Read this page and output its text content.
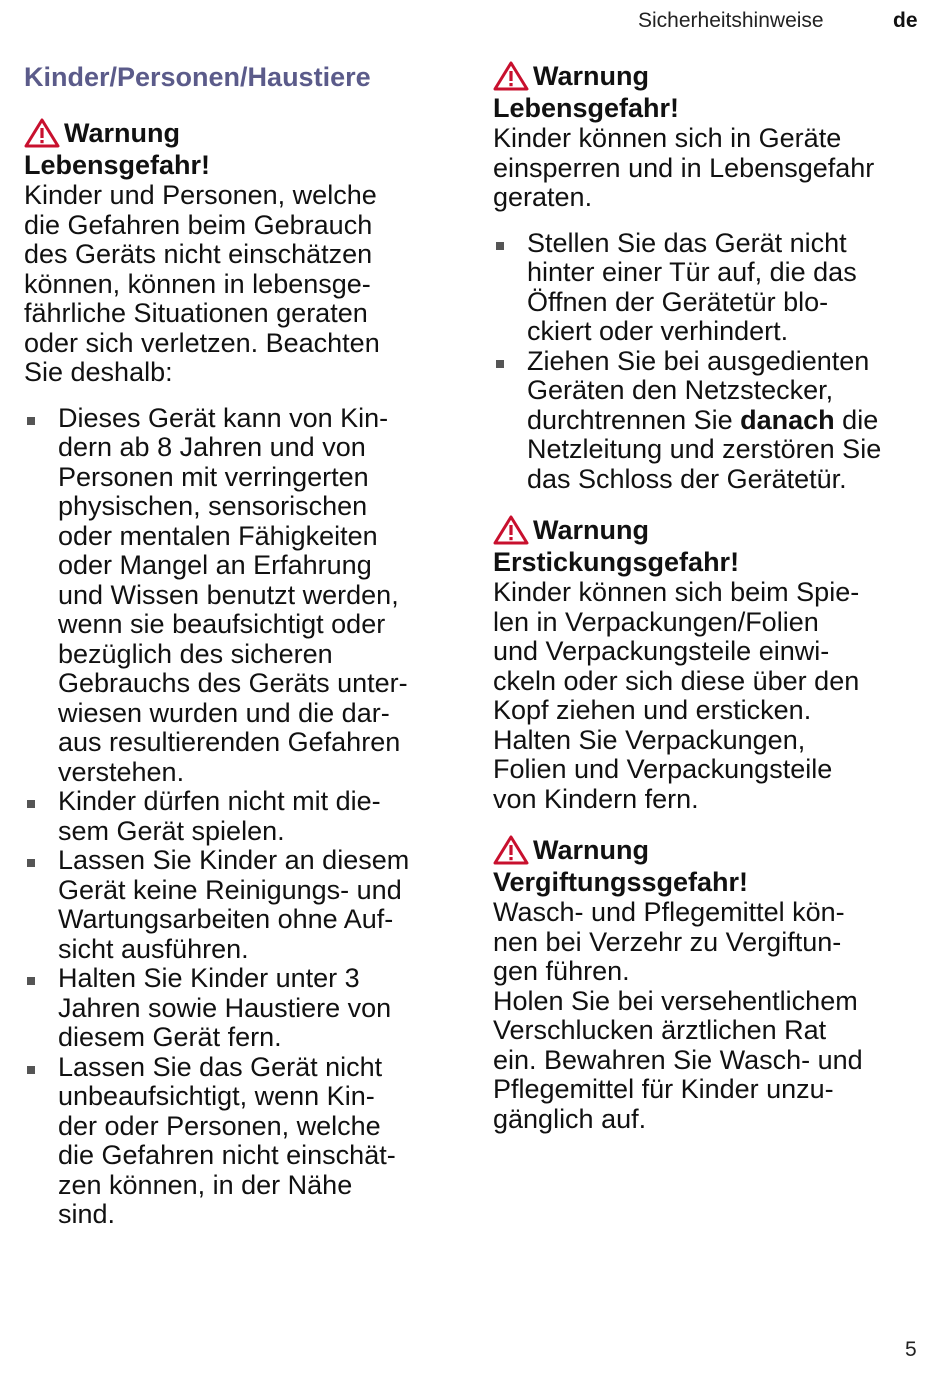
Sicherheitshinweise	de
Kinder/Personen/Haustiere
Warnung
Lebensgefahr!
Kinder und Personen, welche
die Gefahren beim Gebrauch
des Geräts nicht einschätzen
können, können in lebensge-
fährliche Situationen geraten
oder sich verletzen. Beachten
Sie deshalb:
Dieses Gerät kann von Kin-
dern ab 8 Jahren und von
Personen mit verringerten
physischen, sensorischen
oder mentalen Fähigkeiten
oder Mangel an Erfahrung
und Wissen benutzt werden,
wenn sie beaufsichtigt oder
bezüglich des sicheren
Gebrauchs des Geräts unter-
wiesen wurden und die dar-
aus resultierenden Gefahren
verstehen.
Kinder dürfen nicht mit die-
sem Gerät spielen.
Lassen Sie Kinder an diesem
Gerät keine Reinigungs- und
Wartungsarbeiten ohne Auf-
sicht ausführen.
Halten Sie Kinder unter 3
Jahren sowie Haustiere von
diesem Gerät fern.
Lassen Sie das Gerät nicht
unbeaufsichtigt, wenn Kin-
der oder Personen, welche
die Gefahren nicht einschät-
zen können, in der Nähe
sind.
Warnung
Lebensgefahr!
Kinder können sich in Geräte
einsperren und in Lebensgefahr
geraten.
Stellen Sie das Gerät nicht
hinter einer Tür auf, die das
Öffnen der Gerätetür blo-
ckiert oder verhindert.
Ziehen Sie bei ausgedienten
Geräten den Netzstecker,
durchtrennen Sie danach die
Netzleitung und zerstören Sie
das Schloss der Gerätetür.
Warnung
Erstickungsgefahr!
Kinder können sich beim Spie-
len in Verpackungen/Folien
und Verpackungsteile einwi-
ckeln oder sich diese über den
Kopf ziehen und ersticken.
Halten Sie Verpackungen,
Folien und Verpackungsteile
von Kindern fern.
Warnung
Vergiftungssgefahr!
Wasch- und Pflegemittel kön-
nen bei Verzehr zu Vergiftun-
gen führen.
Holen Sie bei versehentlichem
Verschlucken ärztlichen Rat
ein. Bewahren Sie Wasch- und
Pflegemittel für Kinder unzu-
gänglich auf.
5
